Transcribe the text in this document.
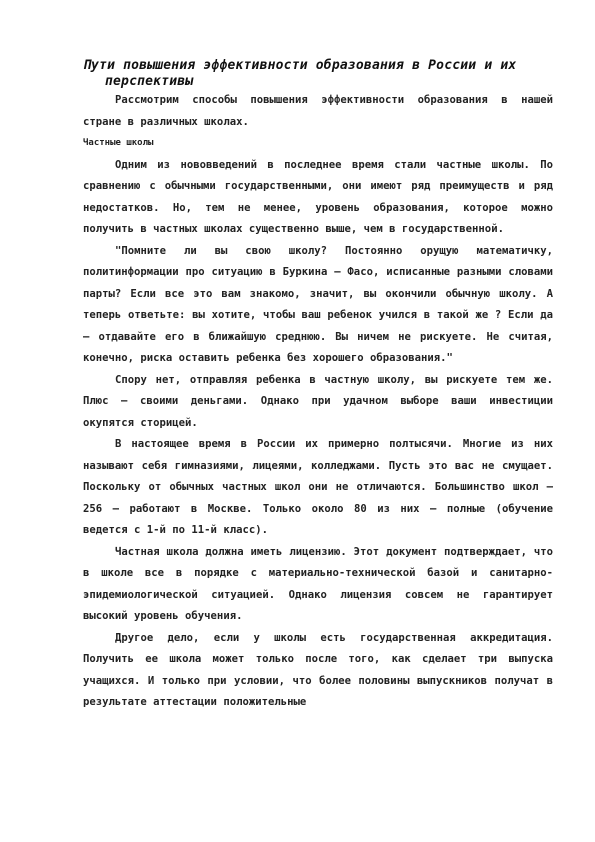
Пути повышения эффективности образования в России и их
перспективы

Рассмотрим способы повышения эффективности образования в нашей стране в различных школах.

Частные школы

Одним из нововведений в последнее время стали частные школы. По сравнению с обычными государственными, они имеют ряд преимуществ и ряд недостатков. Но, тем не менее, уровень образования, которое можно получить в частных школах существенно выше, чем в государственной.

"Помните ли вы свою школу? Постоянно орущую математичку, политинформации про ситуацию в Буркина – Фасо, исписанные разными словами парты? Если все это вам знакомо, значит, вы окончили обычную школу. А теперь ответьте: вы хотите, чтобы ваш ребенок учился в такой же ? Если да – отдавайте его в ближайшую среднюю. Вы ничем не рискуете. Не считая, конечно, риска оставить ребенка без хорошего образования."

Спору нет, отправляя ребенка в частную школу, вы рискуете тем же. Плюс – своими деньгами. Однако при удачном выборе ваши инвестиции окупятся сторицей.

В настоящее время в России их примерно полтысячи. Многие из них называют себя гимназиями, лицеями, колледжами. Пусть это вас не смущает. Поскольку от обычных частных школ они не отличаются. Большинство школ – 256 – работают в Москве. Только около 80 из них – полные (обучение ведется с 1-й по 11-й класс).

Частная школа должна иметь лицензию. Этот документ подтверждает, что в школе все в порядке с материально-технической базой и санитарно-эпидемиологической ситуацией. Однако лицензия совсем не гарантирует высокий уровень обучения.

Другое дело, если у школы есть государственная аккредитация. Получить ее школа может только после того, как сделает три выпуска учащихся. И только при условии, что более половины выпускников получат в результате аттестации положительные
